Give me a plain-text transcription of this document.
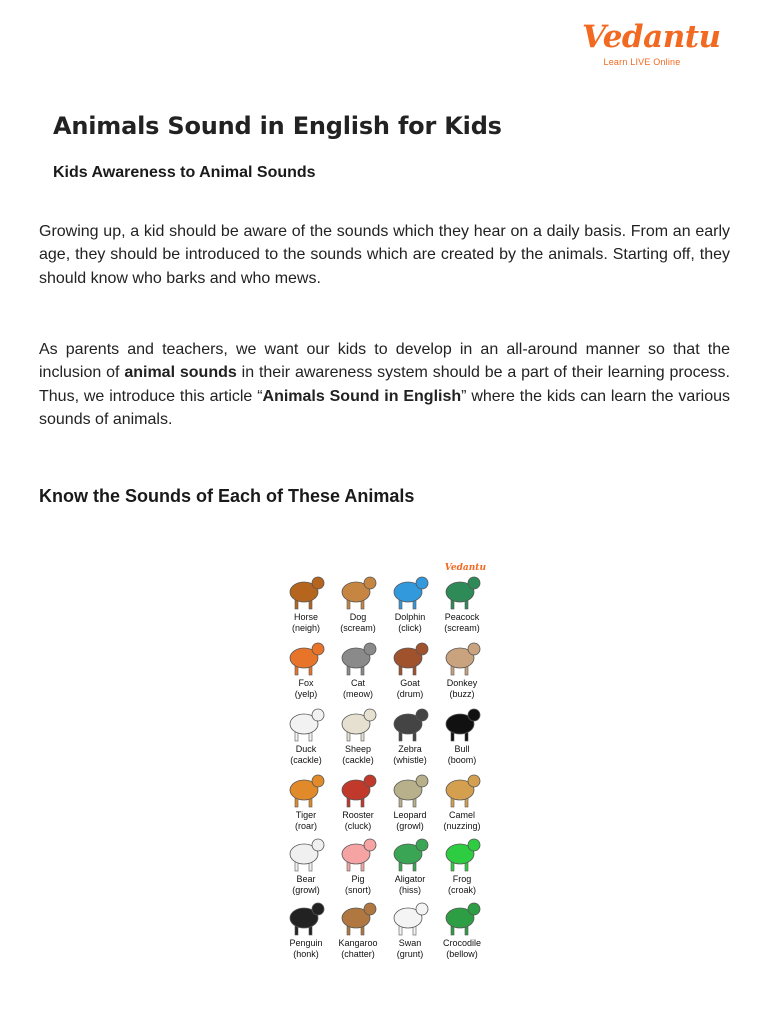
Vedantu
Learn LIVE Online
Animals Sound in English for Kids
Kids Awareness to Animal Sounds

Growing up, a kid should be aware of the sounds which they hear on a daily basis. From an early age, they should be introduced to the sounds which are created by the animals. Starting off, they should know who barks and who mews.

As parents and teachers, we want our kids to develop in an all-around manner so that the inclusion of animal sounds in their awareness system should be a part of their learning process. Thus, we introduce this article “Animals Sound in English” where the kids can learn the various sounds of animals.

Know the Sounds of Each of These Animals
Vedantu
Horse
(neigh)
Dog
(scream)
Dolphin
(click)
Peacock
(scream)
Fox
(yelp)
Cat
(meow)
Goat
(drum)
Donkey
(buzz)
Duck
(cackle)
Sheep
(cackle)
Zebra
(whistle)
Bull
(boom)
Tiger
(roar)
Rooster
(cluck)
Leopard
(growl)
Camel
(nuzzing)
Bear
(growl)
Pig
(snort)
Aligator
(hiss)
Frog
(croak)
Penguin
(honk)
Kangaroo
(chatter)
Swan
(grunt)
Crocodile
(bellow)
